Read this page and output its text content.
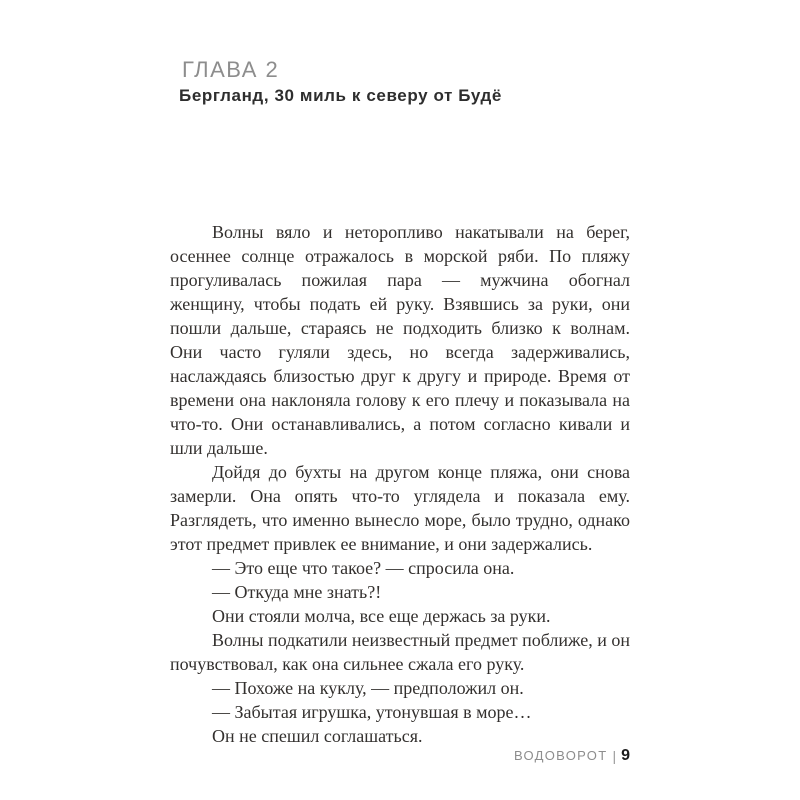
ГЛАВА 2
Бергланд, 30 миль к северу от Будё

Волны вяло и неторопливо накатывали на берег, осеннее солнце отражалось в морской ряби. По пляжу прогуливалась пожилая пара — мужчина обогнал женщину, чтобы подать ей руку. Взявшись за руки, они пошли дальше, стараясь не подходить близко к волнам. Они часто гуляли здесь, но всегда задерживались, наслаждаясь близостью друг к другу и природе. Время от времени она наклоняла голову к его плечу и показывала на что-то. Они останавливались, а потом согласно кивали и шли дальше.

Дойдя до бухты на другом конце пляжа, они снова замерли. Она опять что-то углядела и показала ему. Разглядеть, что именно вынесло море, было трудно, однако этот предмет привлек ее внимание, и они задержались.

— Это еще что такое? — спросила она.

— Откуда мне знать?!

Они стояли молча, все еще держась за руки.

Волны подкатили неизвестный предмет поближе, и он почувствовал, как она сильнее сжала его руку.

— Похоже на куклу, — предположил он.

— Забытая игрушка, утонувшая в море…

Он не спешил соглашаться.

ВОДОВОРОТ | 9
